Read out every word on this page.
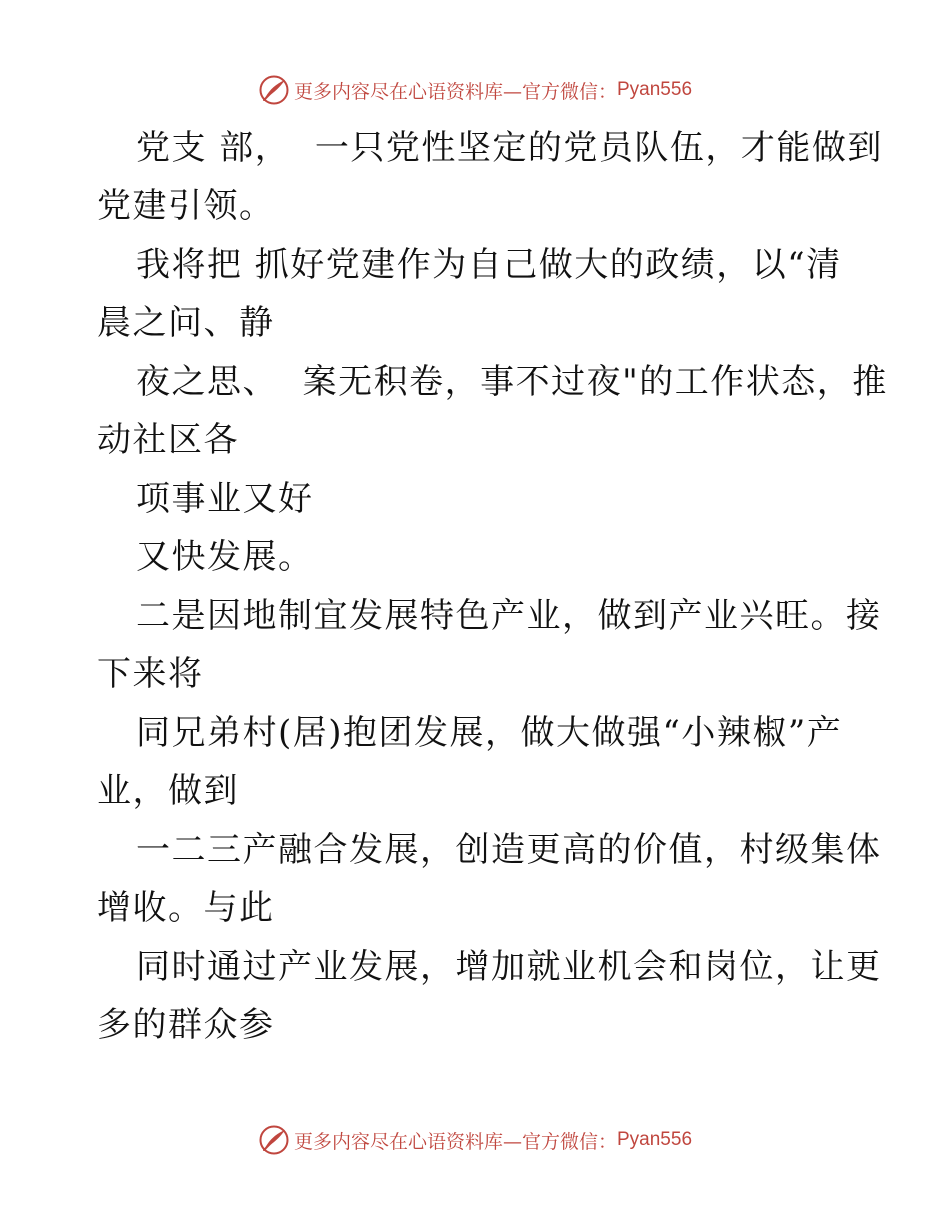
更多内容尽在心语资料库—官方微信： Pyan556

党支 部，  一只党性坚定的党员队伍，才能做到

党建引领。

我将把 抓好党建作为自己做大的政绩，以“清

晨之问、静

夜之思、  案无积卷，事不过夜"的工作状态，推

动社区各

项事业又好

又快发展。

二是因地制宜发展特色产业，做到产业兴旺。接

下来将

同兄弟村(居)抱团发展，做大做强“小辣椒”产

业，做到

一二三产融合发展，创造更高的价值，村级集体

增收。与此

同时通过产业发展，增加就业机会和岗位，让更

多的群众参

更多内容尽在心语资料库—官方微信： Pyan556
